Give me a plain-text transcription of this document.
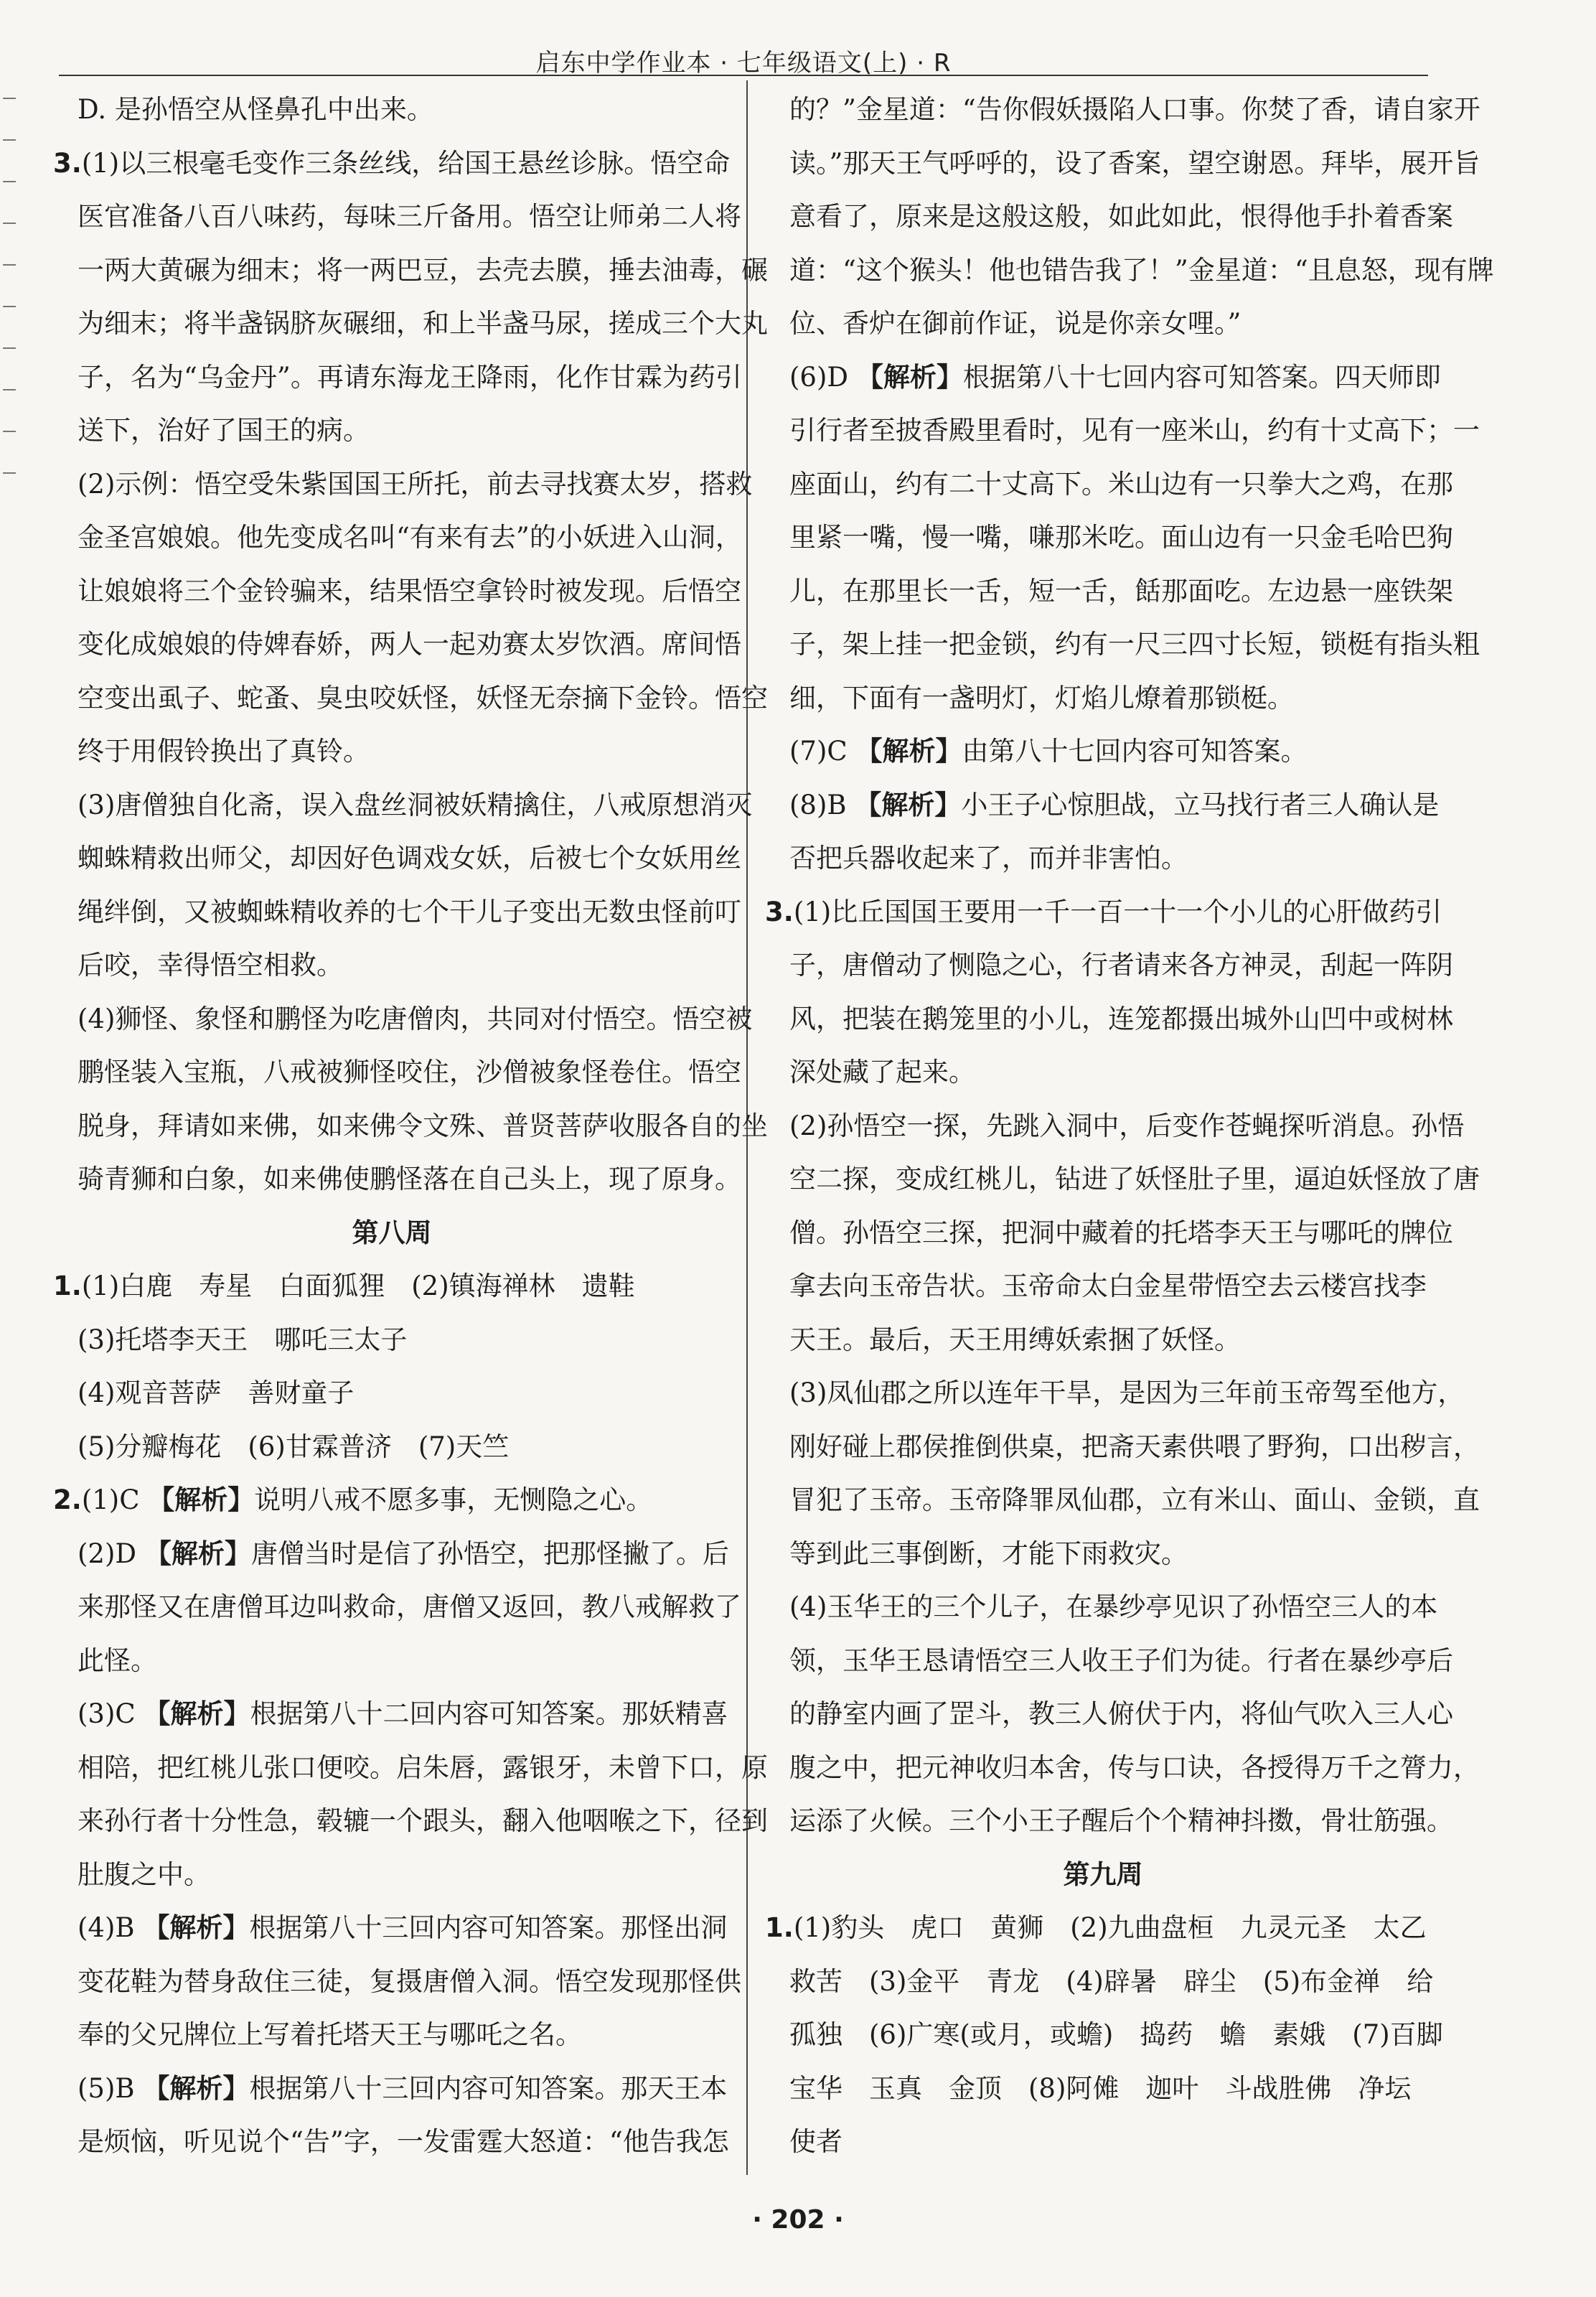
启东中学作业本 · 七年级语文(上) · R
D. 是孙悟空从怪鼻孔中出来。
3.(1)以三根毫毛变作三条丝线，给国王悬丝诊脉。悟空命
医官准备八百八味药，每味三斤备用。悟空让师弟二人将
一两大黄碾为细末；将一两巴豆，去壳去膜，捶去油毒，碾
为细末；将半盏锅脐灰碾细，和上半盏马尿，搓成三个大丸
子，名为“乌金丹”。再请东海龙王降雨，化作甘霖为药引
送下，治好了国王的病。
(2)示例：悟空受朱紫国国王所托，前去寻找赛太岁，搭救
金圣宫娘娘。他先变成名叫“有来有去”的小妖进入山洞，
让娘娘将三个金铃骗来，结果悟空拿铃时被发现。后悟空
变化成娘娘的侍婢春娇，两人一起劝赛太岁饮酒。席间悟
空变出虱子、蛇蚤、臭虫咬妖怪，妖怪无奈摘下金铃。悟空
终于用假铃换出了真铃。
(3)唐僧独自化斋，误入盘丝洞被妖精擒住，八戒原想消灭
蜘蛛精救出师父，却因好色调戏女妖，后被七个女妖用丝
绳绊倒，又被蜘蛛精收养的七个干儿子变出无数虫怪前叮
后咬，幸得悟空相救。
(4)狮怪、象怪和鹏怪为吃唐僧肉，共同对付悟空。悟空被
鹏怪装入宝瓶，八戒被狮怪咬住，沙僧被象怪卷住。悟空
脱身，拜请如来佛，如来佛令文殊、普贤菩萨收服各自的坐
骑青狮和白象，如来佛使鹏怪落在自己头上，现了原身。
第八周
1.(1)白鹿　寿星　白面狐狸　(2)镇海禅林　遗鞋
(3)托塔李天王　哪吒三太子
(4)观音菩萨　善财童子
(5)分瓣梅花　(6)甘霖普济　(7)天竺
2.(1)C 【解析】说明八戒不愿多事，无恻隐之心。
(2)D 【解析】唐僧当时是信了孙悟空，把那怪撇了。后
来那怪又在唐僧耳边叫救命，唐僧又返回，教八戒解救了
此怪。
(3)C 【解析】根据第八十二回内容可知答案。那妖精喜
相陪，把红桃儿张口便咬。启朱唇，露银牙，未曾下口，原
来孙行者十分性急，毂辘一个跟头，翻入他咽喉之下，径到
肚腹之中。
(4)B 【解析】根据第八十三回内容可知答案。那怪出洞
变花鞋为替身敌住三徒，复摄唐僧入洞。悟空发现那怪供
奉的父兄牌位上写着托塔天王与哪吒之名。
(5)B 【解析】根据第八十三回内容可知答案。那天王本
是烦恼，听见说个“告”字，一发雷霆大怒道：“他告我怎
的？”金星道：“告你假妖摄陷人口事。你焚了香，请自家开
读。”那天王气呼呼的，设了香案，望空谢恩。拜毕，展开旨
意看了，原来是这般这般，如此如此，恨得他手扑着香案
道：“这个猴头！他也错告我了！”金星道：“且息怒，现有牌
位、香炉在御前作证，说是你亲女哩。”
(6)D 【解析】根据第八十七回内容可知答案。四天师即
引行者至披香殿里看时，见有一座米山，约有十丈高下；一
座面山，约有二十丈高下。米山边有一只拳大之鸡，在那
里紧一嘴，慢一嘴，嗛那米吃。面山边有一只金毛哈巴狗
儿，在那里长一舌，短一舌，餂那面吃。左边悬一座铁架
子，架上挂一把金锁，约有一尺三四寸长短，锁梃有指头粗
细，下面有一盏明灯，灯焰儿燎着那锁梃。
(7)C 【解析】由第八十七回内容可知答案。
(8)B 【解析】小王子心惊胆战，立马找行者三人确认是
否把兵器收起来了，而并非害怕。
3.(1)比丘国国王要用一千一百一十一个小儿的心肝做药引
子，唐僧动了恻隐之心，行者请来各方神灵，刮起一阵阴
风，把装在鹅笼里的小儿，连笼都摄出城外山凹中或树林
深处藏了起来。
(2)孙悟空一探，先跳入洞中，后变作苍蝇探听消息。孙悟
空二探，变成红桃儿，钻进了妖怪肚子里，逼迫妖怪放了唐
僧。孙悟空三探，把洞中藏着的托塔李天王与哪吒的牌位
拿去向玉帝告状。玉帝命太白金星带悟空去云楼宫找李
天王。最后，天王用缚妖索捆了妖怪。
(3)凤仙郡之所以连年干旱，是因为三年前玉帝驾至他方，
刚好碰上郡侯推倒供桌，把斋天素供喂了野狗，口出秽言，
冒犯了玉帝。玉帝降罪凤仙郡，立有米山、面山、金锁，直
等到此三事倒断，才能下雨救灾。
(4)玉华王的三个儿子，在暴纱亭见识了孙悟空三人的本
领，玉华王恳请悟空三人收王子们为徒。行者在暴纱亭后
的静室内画了罡斗，教三人俯伏于内，将仙气吹入三人心
腹之中，把元神收归本舍，传与口诀，各授得万千之膂力，
运添了火候。三个小王子醒后个个精神抖擞，骨壮筋强。
第九周
1.(1)豹头　虎口　黄狮　(2)九曲盘桓　九灵元圣　太乙
救苦　(3)金平　青龙　(4)辟暑　辟尘　(5)布金禅　给
孤独　(6)广寒(或月，或蟾)　捣药　蟾　素娥　(7)百脚
宝华　玉真　金顶　(8)阿傩　迦叶　斗战胜佛　净坛
使者
· 202 ·
